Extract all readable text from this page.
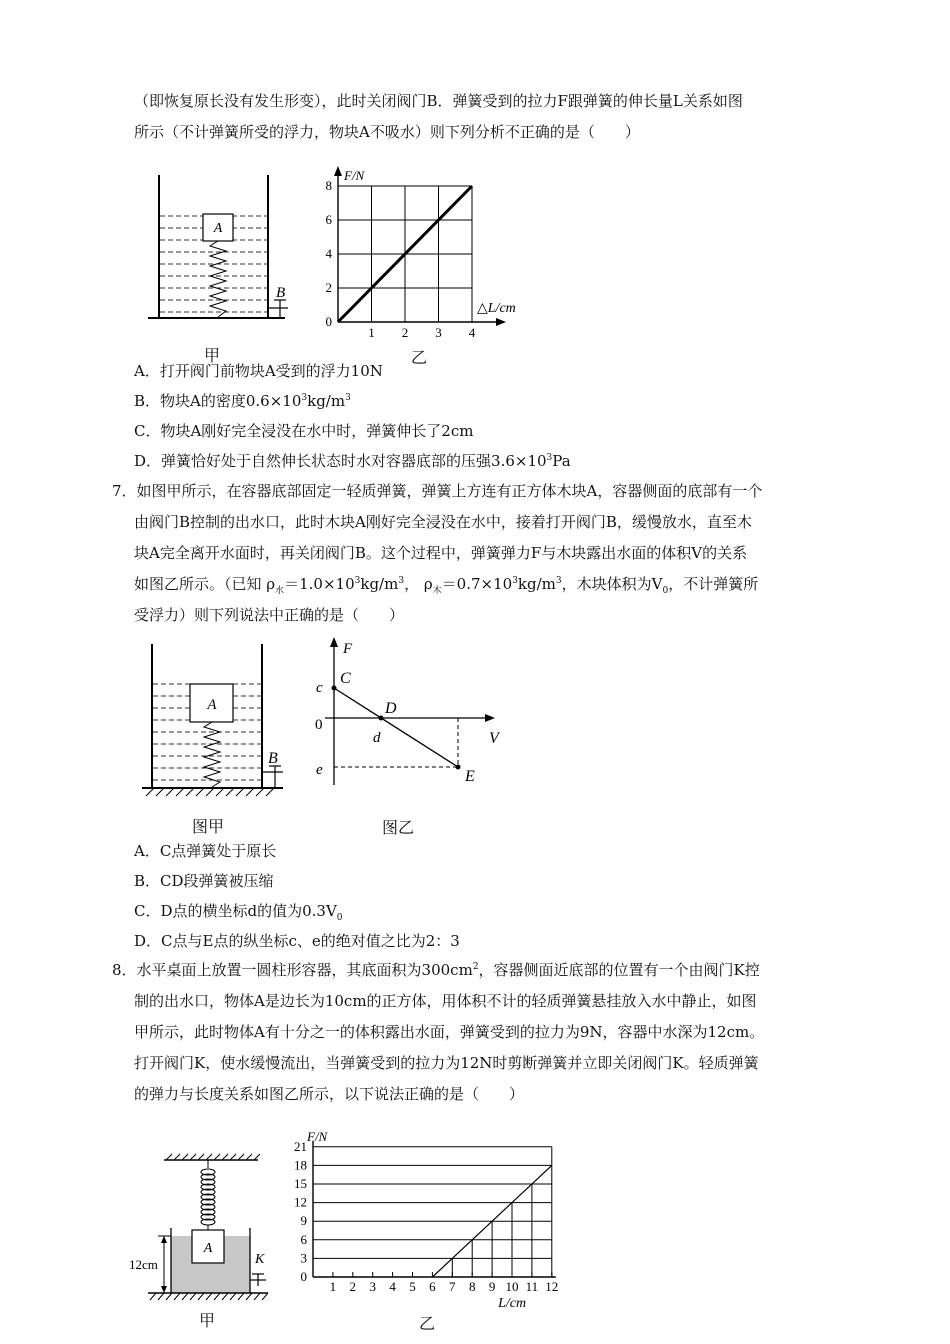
（即恢复原长没有发生形变），此时关闭阀门B．弹簧受到的拉力F跟弹簧的伸长量L关系如图

所示（不计弹簧所受的浮力，物块A不吸水）则下列分析不正确的是（　　）

A
B
甲
1 2 3 4
2
4
6
8
0
F/N
△L/cm
乙
A．打开阀门前物块A受到的浮力10N
B．物块A的密度$0.6\times 10^3kg/m^3$
C．物块A刚好完全浸没在水中时，弹簧伸长了2cm
D．弹簧恰好处于自然伸长状态时水对容器底部的压强$3.6\times 10^3Pa$

7．如图甲所示，在容器底部固定一轻质弹簧，弹簧上方连有正方体木块A，容器侧面的底部有一个

由阀门B控制的出水口，此时木块A刚好完全浸没在水中，接着打开阀门B，缓慢放水，直至木

块A完全离开水面时，再关闭阀门B。这个过程中，弹簧弹力F与木块露出水面的体积V的关系

如图乙所示。（已知 $\rho_水=1.0\times 10^3kg/m^3$， $\rho_木=0.7\times 10^3kg/m^3$，木块体积为$V_0$，不计弹簧所

受浮力）则下列说法中正确的是（　　）

A
B
图甲
F
V
0
c
e
d
C
D
E
图乙
A．C点弹簧处于原长
B．CD段弹簧被压缩
C．D点的横坐标d的值为$0.3V_0$
D．C点与E点的纵坐标c、e的绝对值之比为2：3

8．水平桌面上放置一圆柱形容器，其底面积为$300cm^2$，容器侧面近底部的位置有一个由阀门K控

制的出水口，物体A是边长为10cm的正方体，用体积不计的轻质弹簧悬挂放入水中静止，如图

甲所示，此时物体A有十分之一的体积露出水面，弹簧受到的拉力为9N，容器中水深为12cm。

打开阀门K，使水缓慢流出，当弹簧受到的拉力为12N时剪断弹簧并立即关闭阀门K。轻质弹簧

的弹力与长度关系如图乙所示，以下说法正确的是（　　）

A
K
12cm
甲
1 2 3 4 5 6 7 8 9 10 11 12
3
6
9
12
15
18
21
0
F/N
L/cm
乙
